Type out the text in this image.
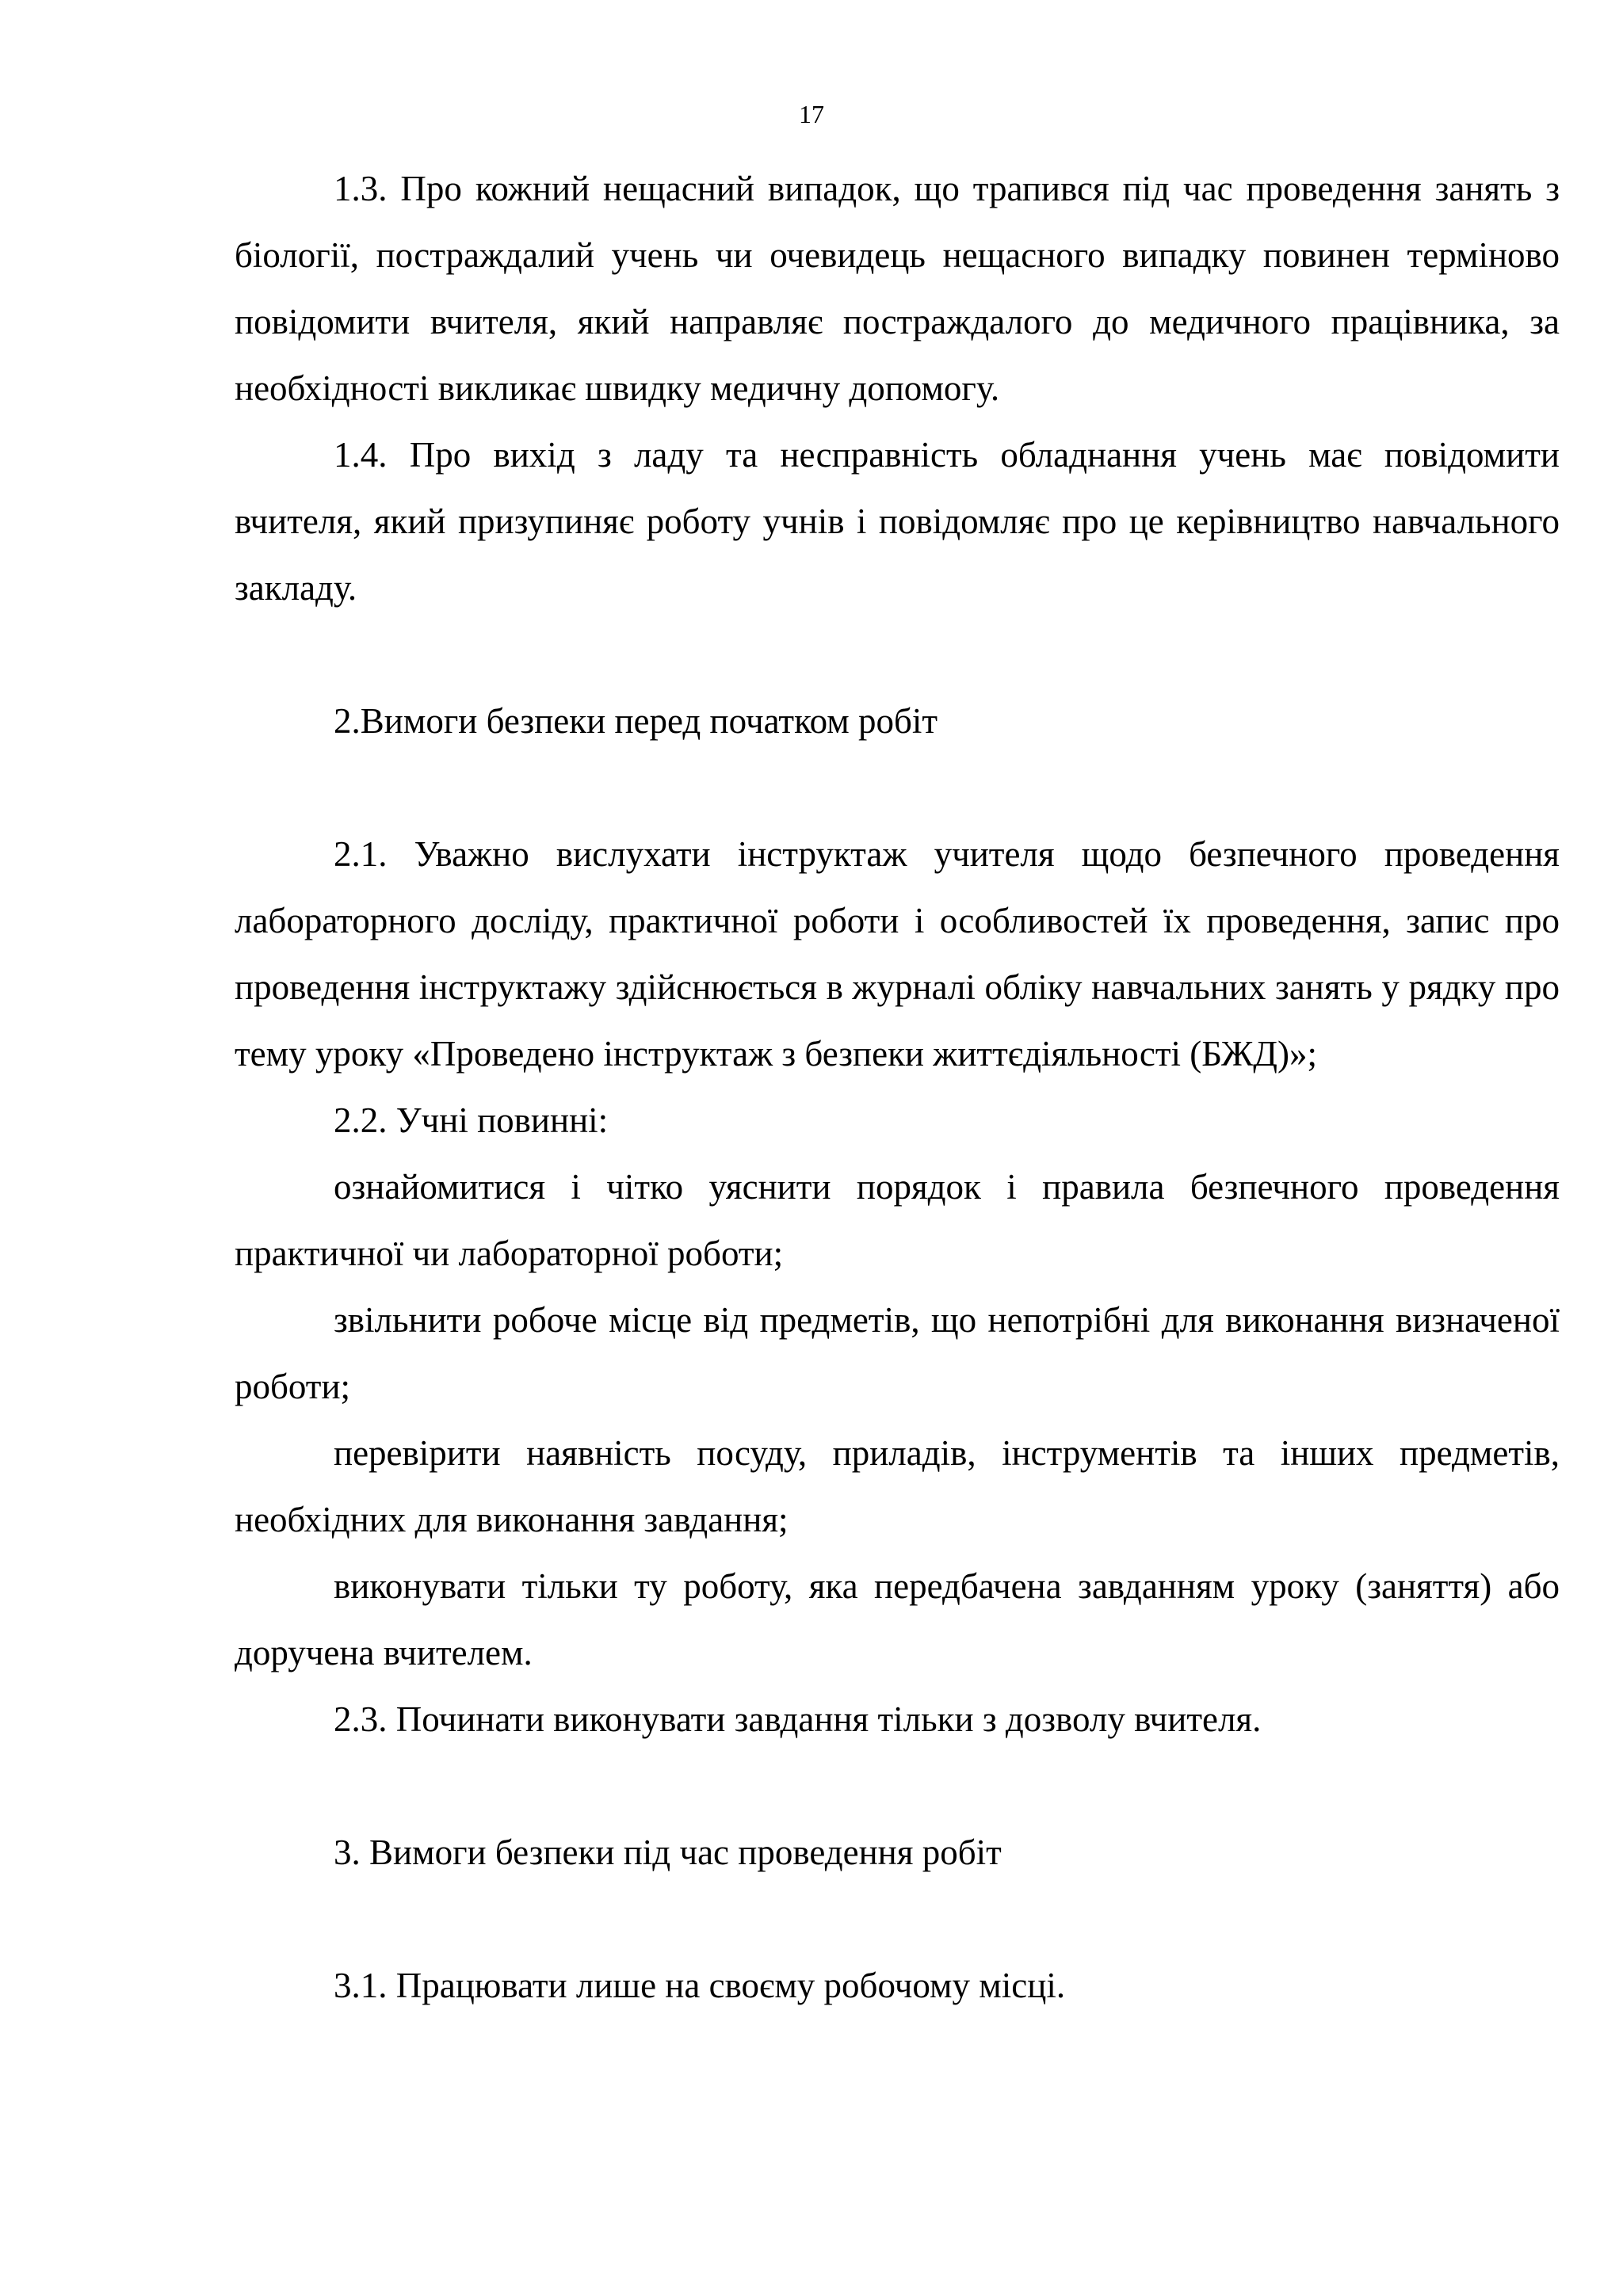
17

1.3. Про кожний нещасний випадок, що трапився під час проведення занять з біології, постраждалий учень чи очевидець нещасного випадку повинен терміново повідомити вчителя, який направляє постраждалого до медичного працівника, за необхідності викликає швидку медичну допомогу.

1.4. Про вихід з ладу та несправність обладнання учень має повідомити вчителя, який призупиняє роботу учнів і повідомляє про це керівництво навчального закладу.

2.Вимоги безпеки перед початком робіт

2.1. Уважно вислухати інструктаж учителя щодо безпечного проведення лабораторного досліду, практичної роботи і особливостей їх проведення, запис про проведення інструктажу здійснюється в журналі обліку навчальних занять у рядку про тему уроку «Проведено інструктаж з безпеки життєдіяльності (БЖД)»;

2.2. Учні повинні:

ознайомитися і чітко уяснити порядок і правила безпечного проведення практичної чи лабораторної роботи;

звільнити робоче місце від предметів, що непотрібні для виконання визначеної роботи;

перевірити наявність посуду, приладів, інструментів та інших предметів, необхідних для виконання завдання;

виконувати тільки ту роботу, яка передбачена завданням уроку (заняття) або доручена вчителем.

2.3. Починати виконувати завдання тільки з дозволу вчителя.

3. Вимоги безпеки під час проведення робіт

3.1. Працювати лише на своєму робочому місці.
